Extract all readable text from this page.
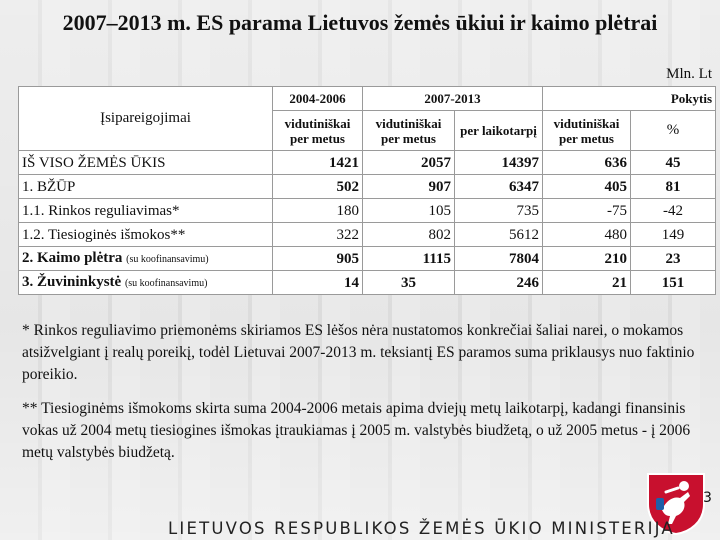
2007–2013 m. ES parama Lietuvos žemės ūkiui ir kaimo plėtrai
Mln. Lt
Įsipareigojimai	2004-2006	2007-2013		Pokytis	
	vidutiniškai per metus	vidutiniškai per metus	per laikotarpį	vidutiniškai per metus	%
IŠ VISO ŽEMĖS ŪKIS	1421	2057	14397	636	45
1. BŽŪP	502	907	6347	405	81
1.1. Rinkos reguliavimas*	180	105	735	-75	-42
1.2. Tiesioginės išmokos**	322	802	5612	480	149
2. Kaimo plėtra (su koofinansavimu)	905	1115	7804	210	23
3. Žuvininkystė (su koofinansavimu)	14	35	246	21	151

* Rinkos reguliavimo priemonėms skiriamos ES lėšos nėra nustatomos konkrečiai šaliai narei, o mokamos atsižvelgiant į realų poreikį, todėl Lietuvai 2007-2013 m. teksiantį ES paramos suma priklausys nuo faktinio poreikio.

** Tiesioginėms išmokoms skirta suma 2004-2006 metais apima dviejų metų laikotarpį, kadangi finansinis vokas už 2004 metų tiesiogines išmokas įtraukiamas į 2005 m. valstybės biudžetą, o už 2005 metus - į 2006 metų valstybės biudžetą.

3
LIETUVOS RESPUBLIKOS ŽEMĖS ŪKIO MINISTERIJA
